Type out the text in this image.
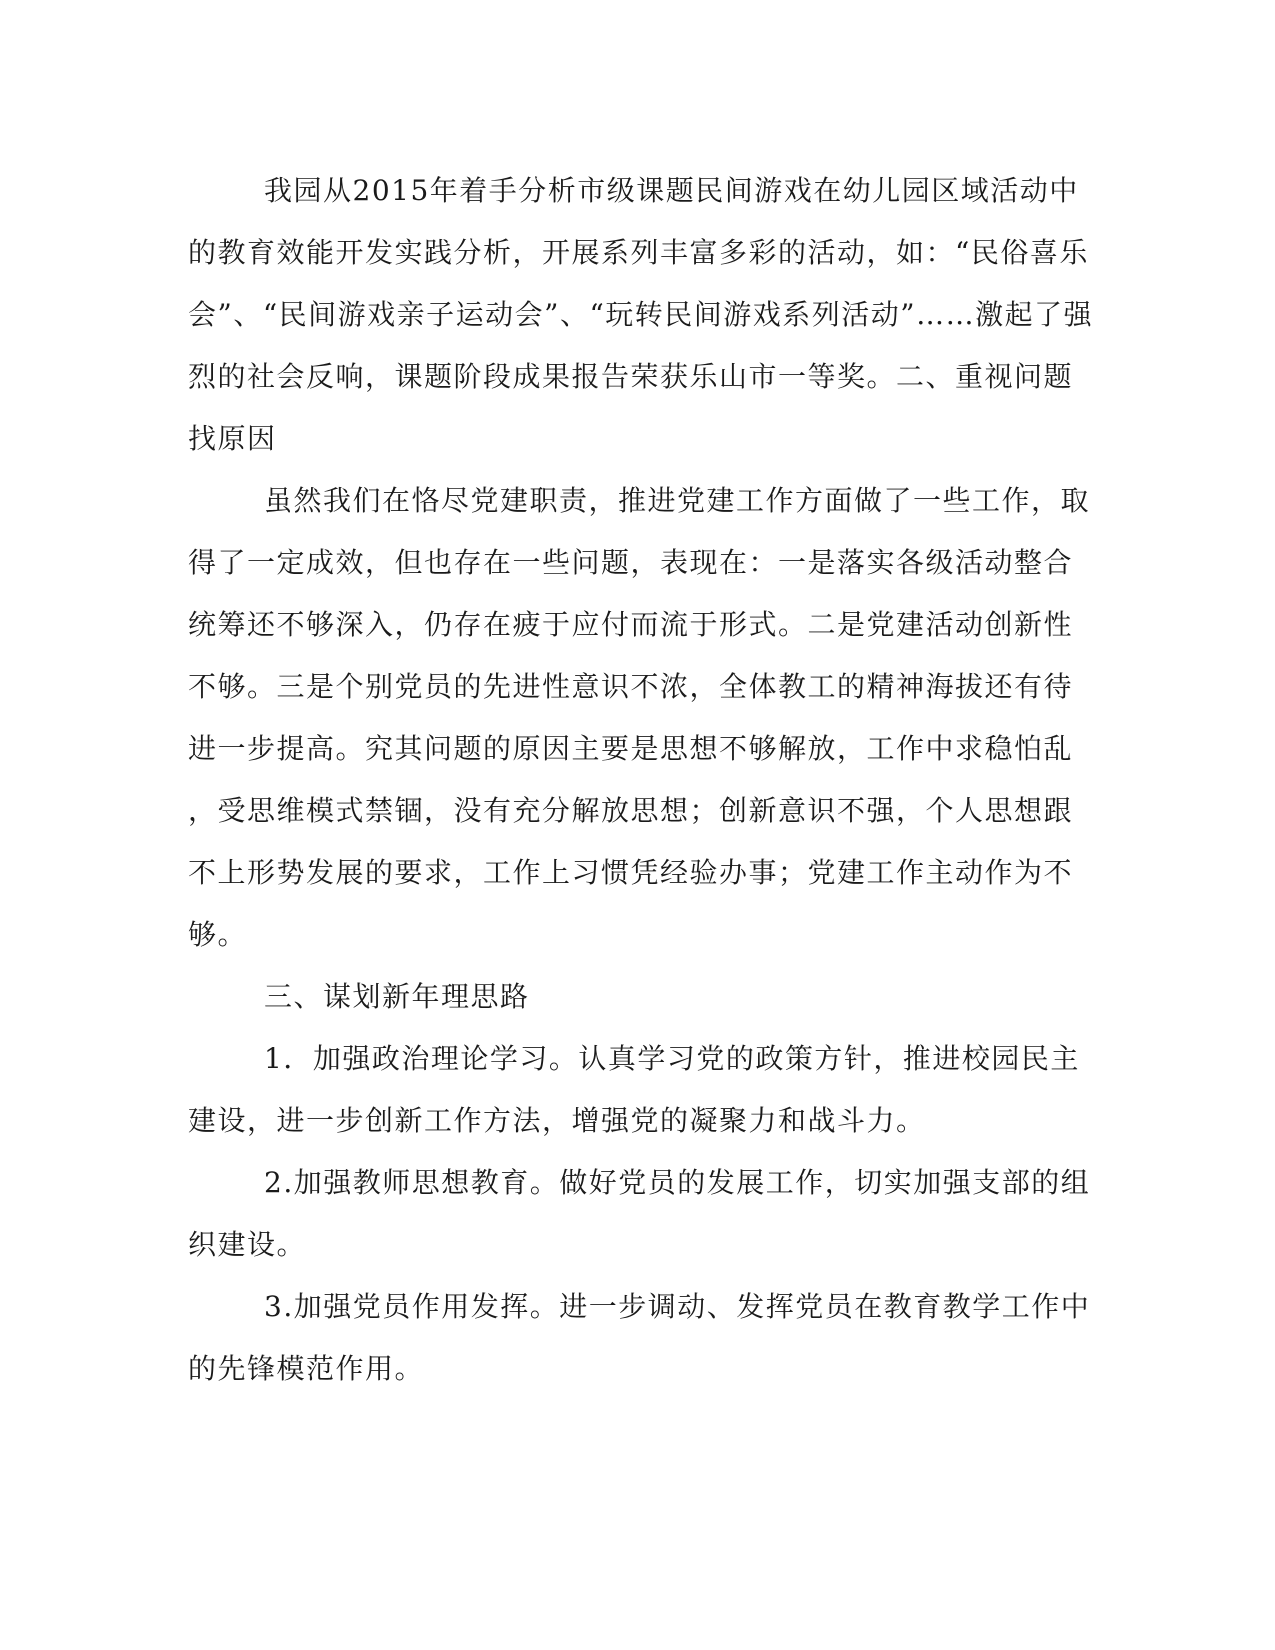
我园从2015年着手分析市级课题民间游戏在幼儿园区域活动中
的教育效能开发实践分析，开展系列丰富多彩的活动，如：“民俗喜乐
会”、“民间游戏亲子运动会”、“玩转民间游戏系列活动”……激起了强
烈的社会反响，课题阶段成果报告荣获乐山市一等奖。二、重视问题
找原因
虽然我们在恪尽党建职责，推进党建工作方面做了一些工作，取
得了一定成效，但也存在一些问题，表现在：一是落实各级活动整合
统筹还不够深入，仍存在疲于应付而流于形式。二是党建活动创新性
不够。三是个别党员的先进性意识不浓，全体教工的精神海拔还有待
进一步提高。究其问题的原因主要是思想不够解放，工作中求稳怕乱
，受思维模式禁锢，没有充分解放思想；创新意识不强，个人思想跟
不上形势发展的要求，工作上习惯凭经验办事；党建工作主动作为不
够。
三、谋划新年理思路
1．加强政治理论学习。认真学习党的政策方针，推进校园民主
建设，进一步创新工作方法，增强党的凝聚力和战斗力。
2.加强教师思想教育。做好党员的发展工作，切实加强支部的组
织建设。
3.加强党员作用发挥。进一步调动、发挥党员在教育教学工作中
的先锋模范作用。
